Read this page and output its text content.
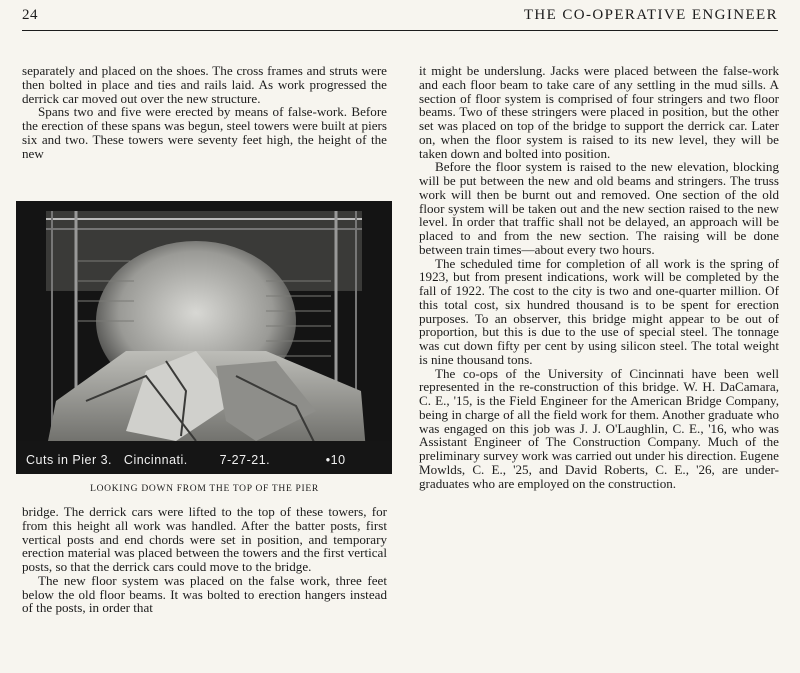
24	THE CO-OPERATIVE ENGINEER

separately and placed on the shoes. The cross frames and struts were then bolted in place and ties and rails laid. As work progressed the derrick car moved out over the new structure.

Spans two and five were erected by means of false-work. Before the erection of these spans was begun, steel towers were built at piers six and two. These towers were seventy feet high, the height of the new

Cuts in Pier 3.   Cincinnati.        7-27-21.              •10
LOOKING DOWN FROM THE TOP OF THE PIER

bridge. The derrick cars were lifted to the top of these towers, for from this height all work was handled. After the batter posts, first vertical posts and end chords were set in position, and temporary erection material was placed between the towers and the first vertical posts, so that the derrick cars could move to the bridge.

The new floor system was placed on the false work, three feet below the old floor beams. It was bolted to erection hangers instead of the posts, in order that

it might be underslung. Jacks were placed between the false-work and each floor beam to take care of any settling in the mud sills. A section of floor system is comprised of four stringers and two floor beams. Two of these stringers were placed in position, but the other set was placed on top of the bridge to support the derrick car. Later on, when the floor system is raised to its new level, they will be taken down and bolted into position.

Before the floor system is raised to the new elevation, blocking will be put between the new and old beams and stringers. The truss work will then be burnt out and removed. One section of the old floor system will be taken out and the new section raised to the new level. In order that traffic shall not be delayed, an approach will be placed to and from the new section. The raising will be done between train times—about every two hours.

The scheduled time for completion of all work is the spring of 1923, but from present indications, work will be completed by the fall of 1922. The cost to the city is two and one-quarter million. Of this total cost, six hundred thousand is to be spent for erection purposes. To an observer, this bridge might appear to be out of proportion, but this is due to the use of special steel. The tonnage was cut down fifty per cent by using silicon steel. The total weight is nine thousand tons.

The co-ops of the University of Cincinnati have been well represented in the re-construction of this bridge. W. H. DaCamara, C. E., '15, is the Field Engineer for the American Bridge Company, being in charge of all the field work for them. Another graduate who was engaged on this job was J. J. O'Laughlin, C. E., '16, who was Assistant Engineer of The Construction Company. Much of the preliminary survey work was carried out under his direction. Eugene Mowlds, C. E., '25, and David Roberts, C. E., '26, are under-graduates who are employed on the construction.
